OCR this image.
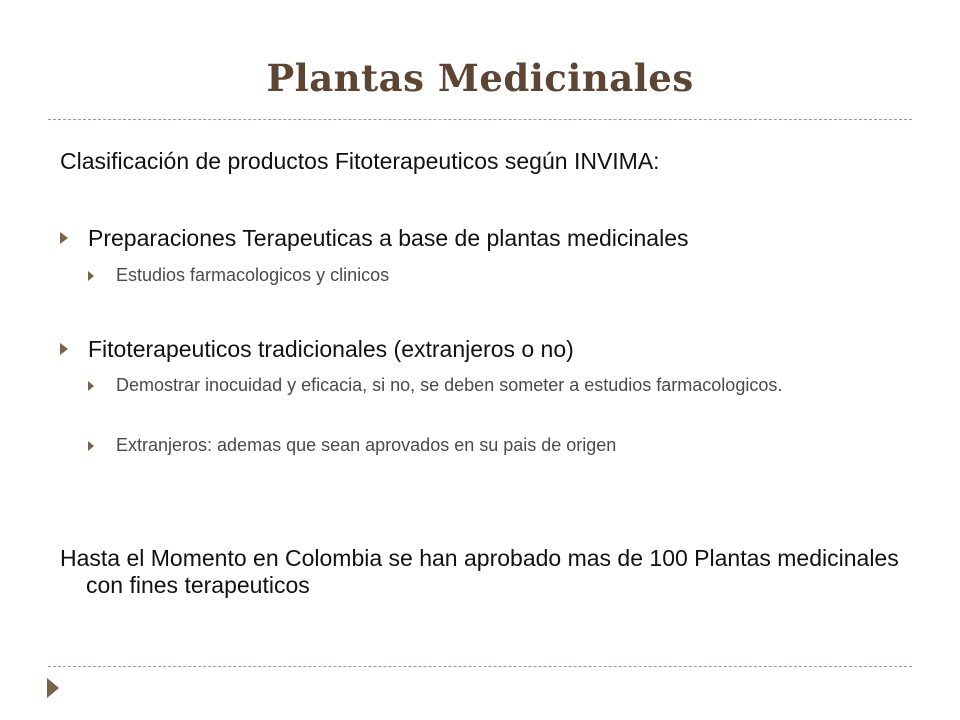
Plantas Medicinales
Clasificación de productos Fitoterapeuticos según INVIMA:
Preparaciones Terapeuticas a base de plantas medicinales
Estudios farmacologicos y clinicos
Fitoterapeuticos tradicionales (extranjeros o no)
Demostrar inocuidad y eficacia, si no, se deben someter a estudios farmacologicos.
Extranjeros: ademas que sean aprovados en su pais de origen
Hasta el Momento en Colombia se han aprobado mas de 100 Plantas medicinales con fines terapeuticos
